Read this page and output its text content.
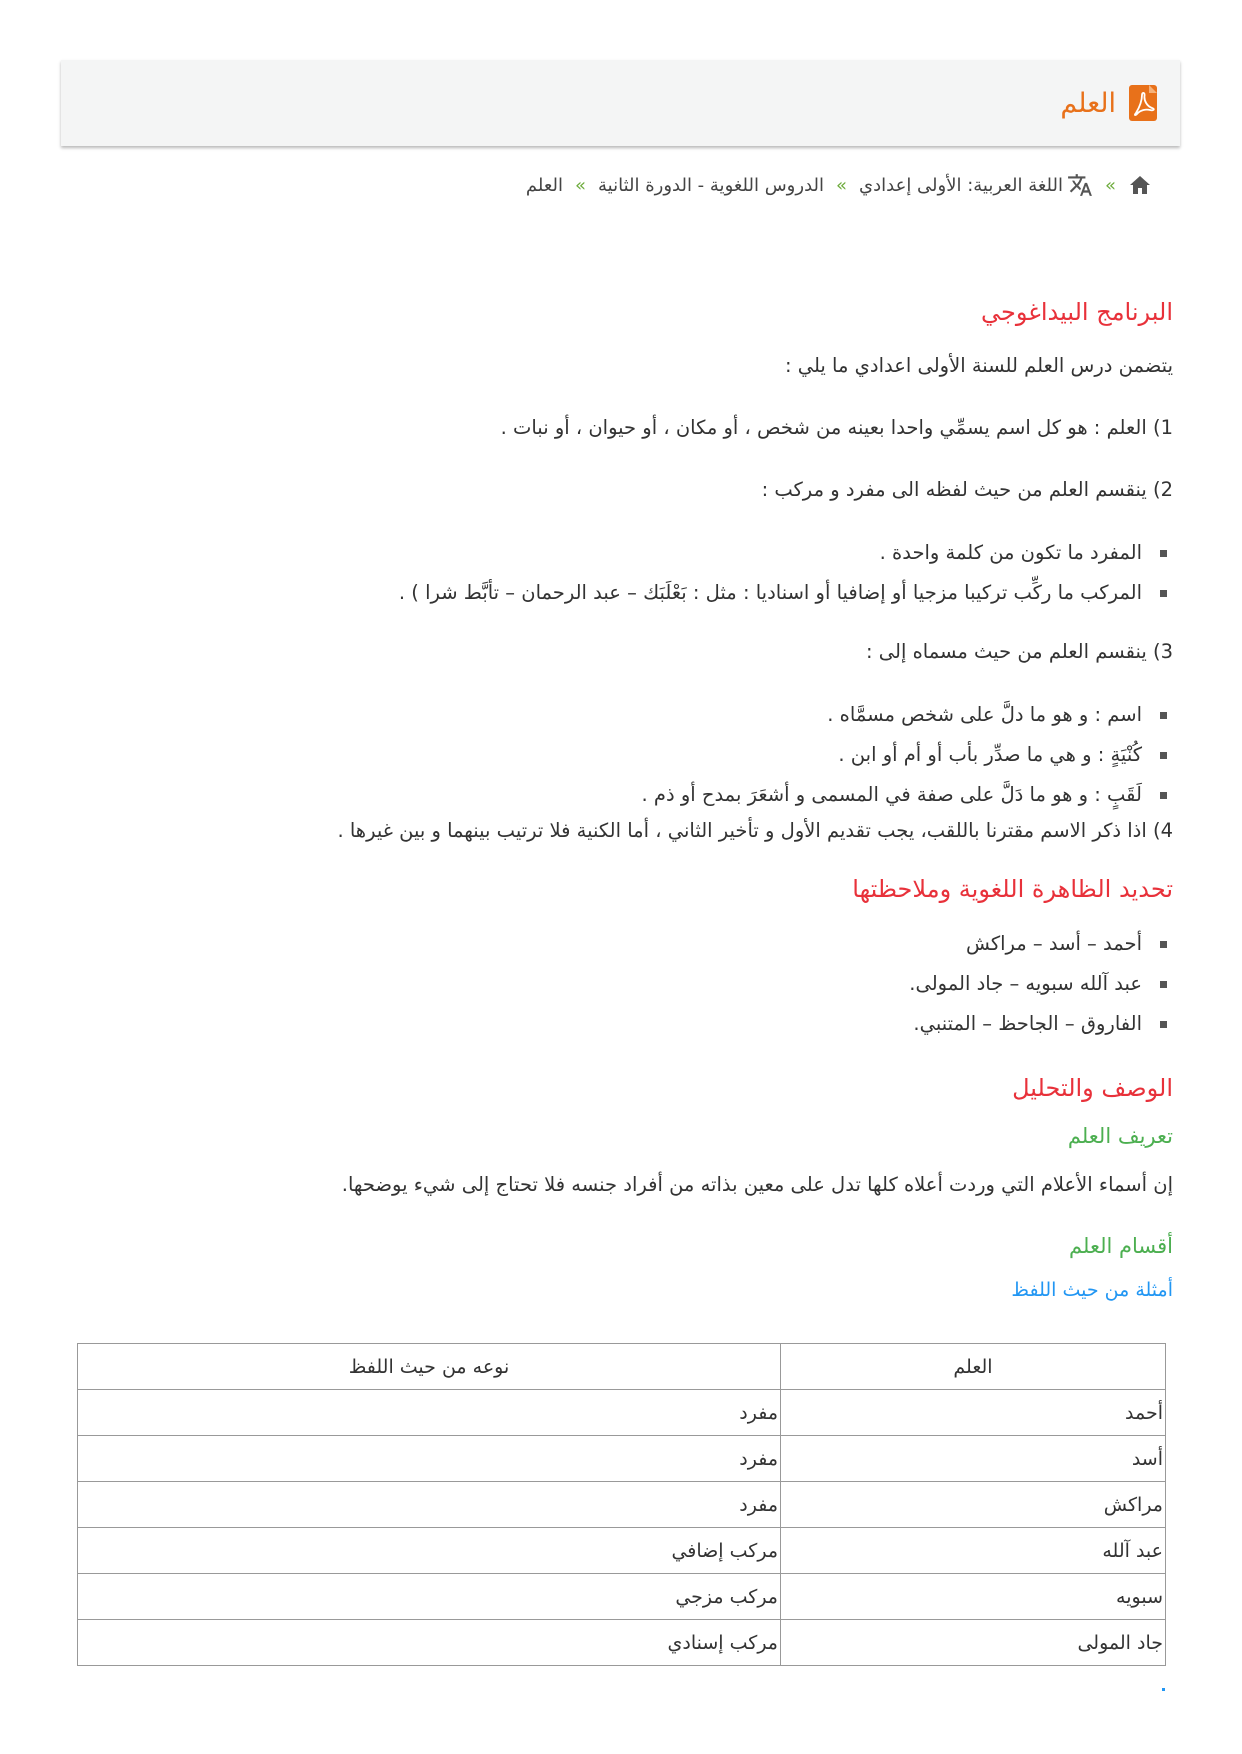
العلم
»
اللغة العربية: الأولى إعدادي
»
الدروس اللغوية - الدورة الثانية
»
العلم
البرنامج البيداغوجي

يتضمن درس العلم للسنة الأولى اعدادي ما يلي :

1) العلم : هو كل اسم يسمِّي واحدا بعينه من شخص ، أو مكان ، أو حيوان ، أو نبات .

2) ينقسم العلم من حيث لفظه الى مفرد و مركب :

المفرد ما تكون من كلمة واحدة .
المركب ما ركِّب تركيبا مزجيا أو إضافيا أو اسناديا : مثل : بَعْلَبَك – عبد الرحمان – تأبَّط شرا ) .

3) ينقسم العلم من حيث مسماه إلى :

اسم : و هو ما دلَّ على شخص مسمَّاه .
كُنْيَةٍ : و هي ما صدِّر بأب أو أم أو ابن .
لَقَبٍ : و هو ما دَلَّ على صفة في المسمى و أشعَرَ بمدح أو ذم .

4) اذا ذكر الاسم مقترنا باللقب، يجب تقديم الأول و تأخير الثاني ، أما الكنية فلا ترتيب بينهما و بين غيرها .

تحديد الظاهرة اللغوية وملاحظتها
أحمد – أسد – مراكش
عبد آلله سبويه – جاد المولى.
الفاروق – الجاحظ – المتنبي.
الوصف والتحليل
تعريف العلم

إن أسماء الأعلام التي وردت أعلاه كلها تدل على معين بذاته من أفراد جنسه فلا تحتاج إلى شيء يوضحها.

أقسام العلم
أمثلة من حيث اللفظ
العلم	نوعه من حيث اللفظ
أحمد	مفرد
أسد	مفرد
مراكش	مفرد
عبد آلله	مركب إضافي
سبويه	مركب مزجي
جاد المولى	مركب إسنادي
